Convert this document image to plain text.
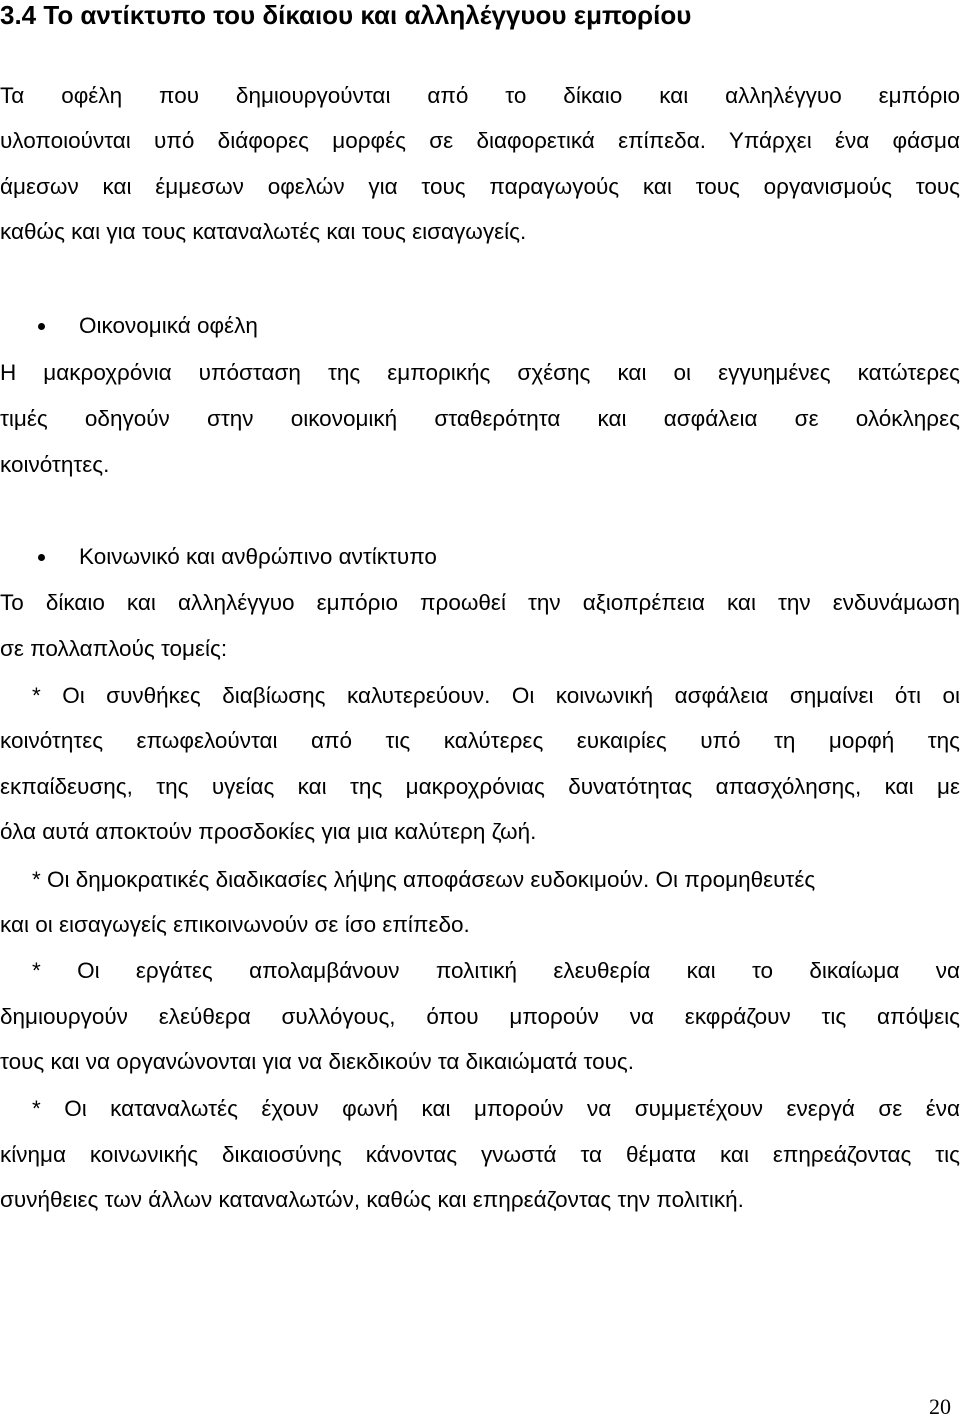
3.4 Το αντίκτυπο του δίκαιου και αλληλέγγυου εμπορίου
Τα οφέλη που δημιουργούνται από το δίκαιο και αλληλέγγυο εμπόριο
υλοποιούνται υπό διάφορες μορφές σε διαφορετικά επίπεδα. Υπάρχει ένα φάσμα
άμεσων και έμμεσων οφελών για τους παραγωγούς και τους οργανισμούς τους
καθώς και για τους καταναλωτές και τους εισαγωγείς.
Οικονομικά οφέλη
Η μακροχρόνια υπόσταση της εμπορικής σχέσης και οι εγγυημένες κατώτερες
τιμές οδηγούν στην οικονομική σταθερότητα και ασφάλεια σε ολόκληρες
κοινότητες.
Κοινωνικό και ανθρώπινο αντίκτυπο
Το δίκαιο και αλληλέγγυο εμπόριο προωθεί την αξιοπρέπεια και την ενδυνάμωση
σε πολλαπλούς τομείς:
* Οι συνθήκες διαβίωσης καλυτερεύουν. Οι κοινωνική ασφάλεια σημαίνει ότι οι
κοινότητες επωφελούνται από τις καλύτερες ευκαιρίες υπό τη μορφή της
εκπαίδευσης, της υγείας και της μακροχρόνιας δυνατότητας απασχόλησης, και με
όλα αυτά αποκτούν προσδοκίες για μια καλύτερη ζωή.
* Οι δημοκρατικές διαδικασίες λήψης αποφάσεων ευδοκιμούν. Οι προμηθευτές
και οι εισαγωγείς επικοινωνούν σε ίσο επίπεδο.
* Οι εργάτες απολαμβάνουν πολιτική ελευθερία και το δικαίωμα να
δημιουργούν ελεύθερα συλλόγους, όπου μπορούν να εκφράζουν τις απόψεις
τους και να οργανώνονται για να διεκδικούν τα δικαιώματά τους.
* Οι καταναλωτές έχουν φωνή και μπορούν να συμμετέχουν ενεργά σε ένα
κίνημα κοινωνικής δικαιοσύνης κάνοντας γνωστά τα θέματα και επηρεάζοντας τις
συνήθειες των άλλων καταναλωτών, καθώς και επηρεάζοντας την πολιτική.
20
